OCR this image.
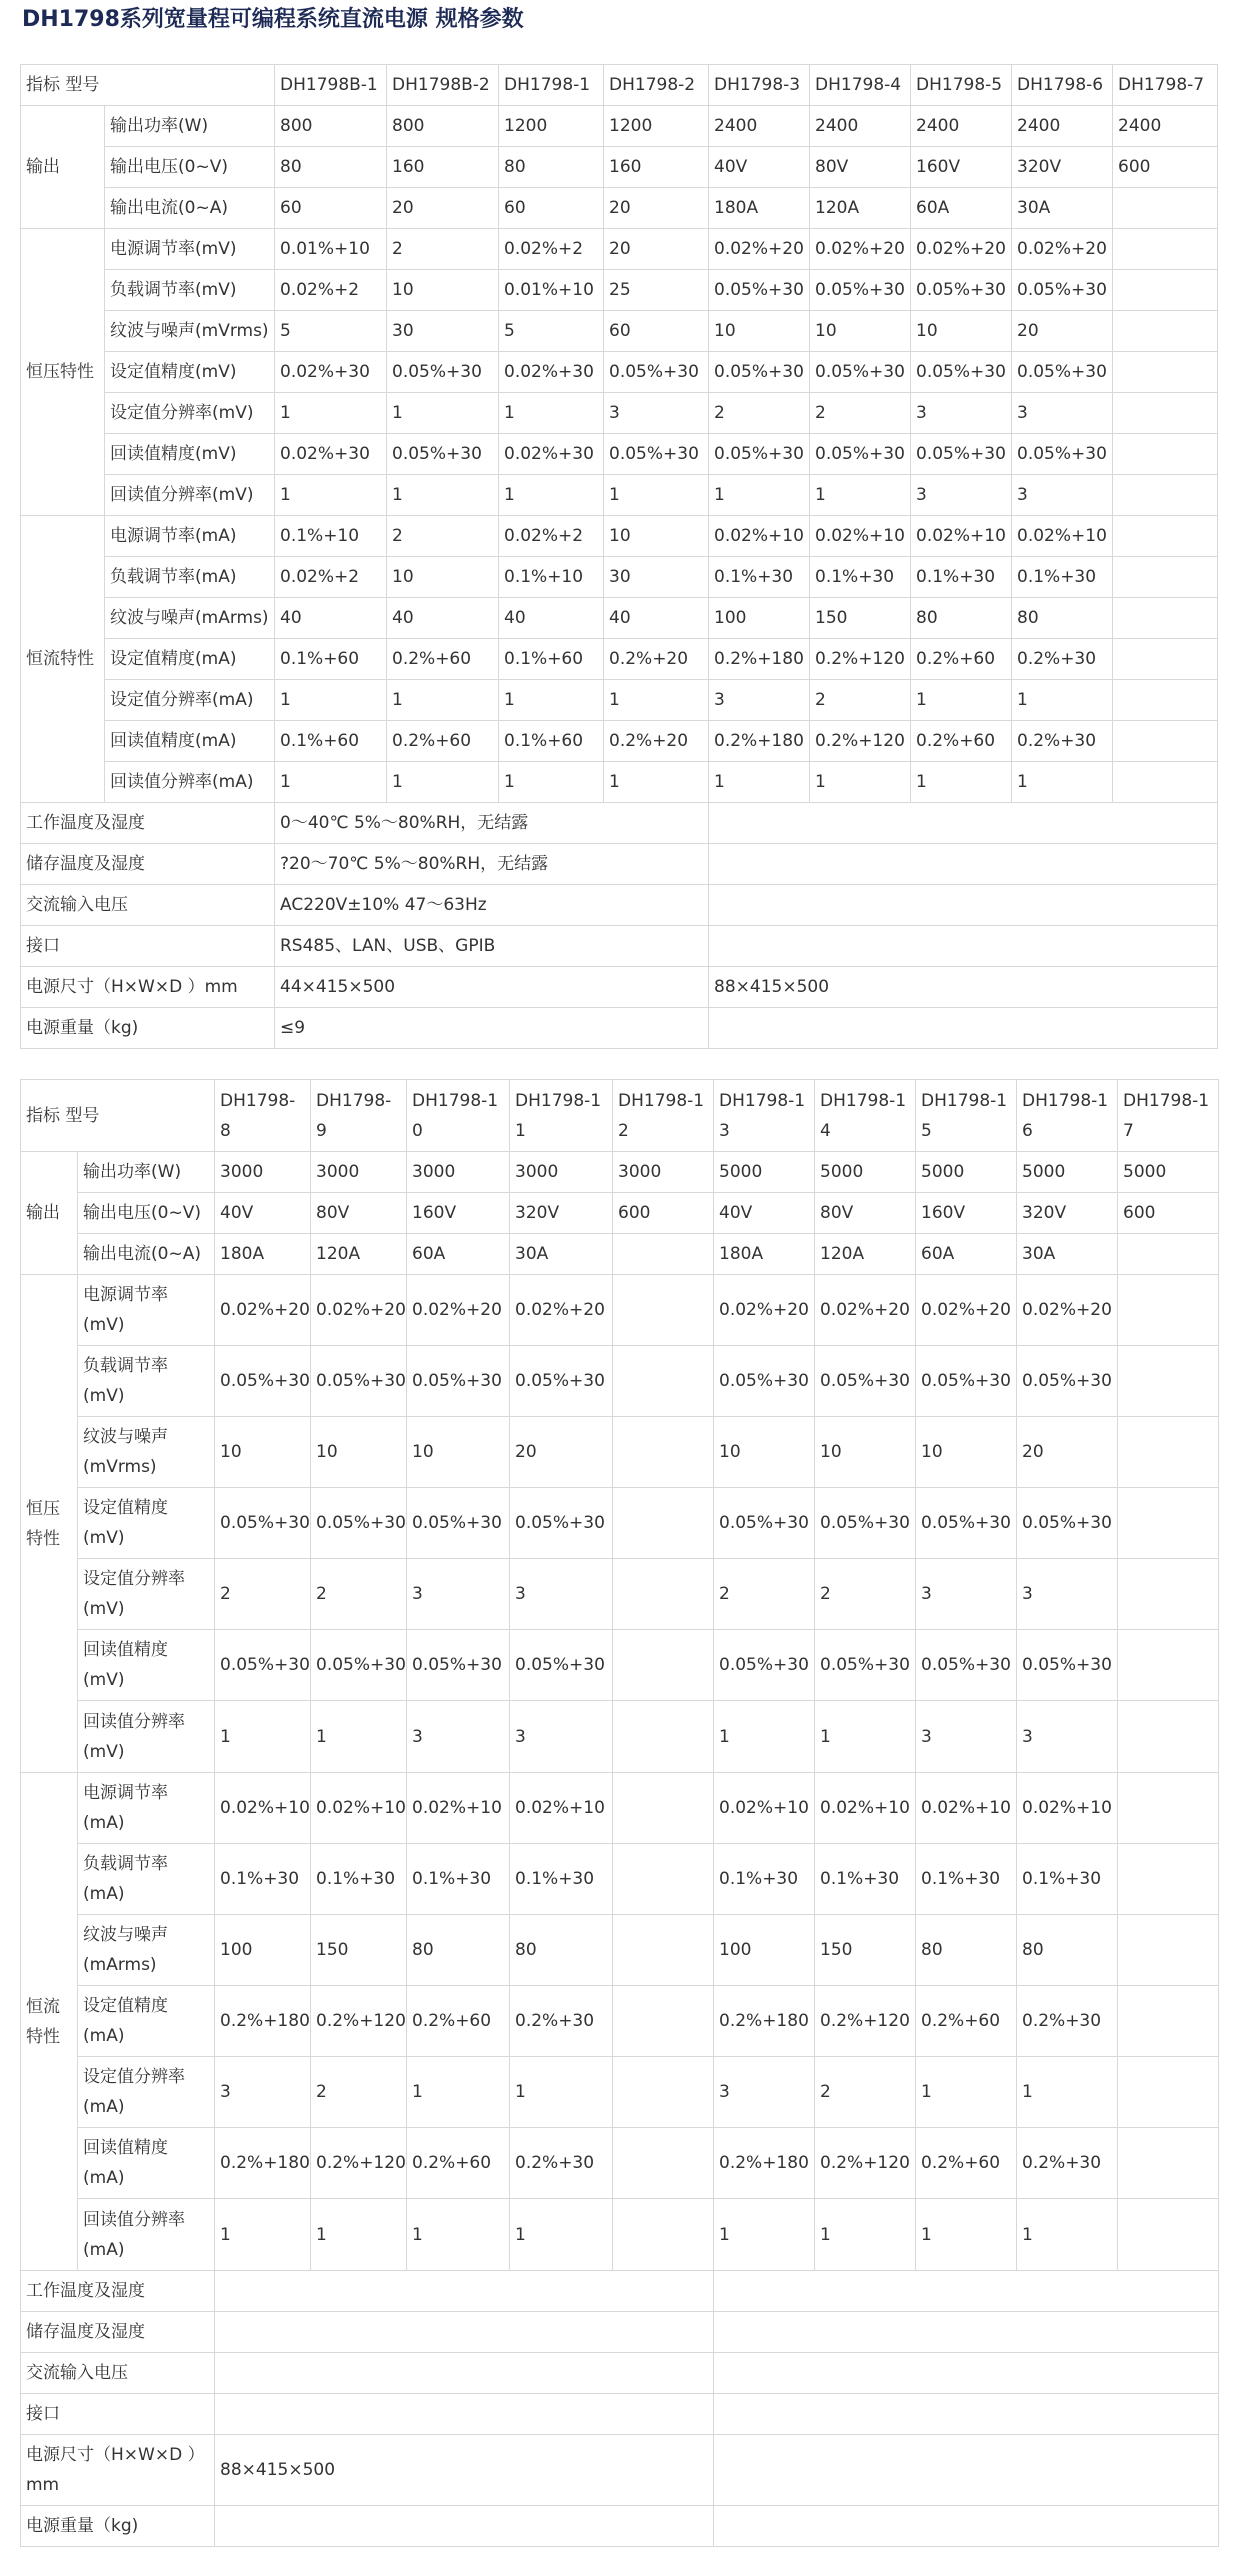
DH1798系列宽量程可编程系统直流电源 规格参数
指标 型号		DH1798B-1	DH1798B-2	DH1798-1	DH1798-2	DH1798-3	DH1798-4	DH1798-5	DH1798-6	DH1798-7
输出	输出功率(W)	800	800	1200	1200	2400	2400	2400	2400	2400
	输出电压(0~V)	80	160	80	160	40V	80V	160V	320V	600
	输出电流(0~A)	60	20	60	20	180A	120A	60A	30A	
恒压特性	电源调节率(mV)	0.01%+10	2	0.02%+2	20	0.02%+20	0.02%+20	0.02%+20	0.02%+20	
	负载调节率(mV)	0.02%+2	10	0.01%+10	25	0.05%+30	0.05%+30	0.05%+30	0.05%+30	
	纹波与噪声(mVrms)	5	30	5	60	10	10	10	20	
	设定值精度(mV)	0.02%+30	0.05%+30	0.02%+30	0.05%+30	0.05%+30	0.05%+30	0.05%+30	0.05%+30	
	设定值分辨率(mV)	1	1	1	3	2	2	3	3	
	回读值精度(mV)	0.02%+30	0.05%+30	0.02%+30	0.05%+30	0.05%+30	0.05%+30	0.05%+30	0.05%+30	
	回读值分辨率(mV)	1	1	1	1	1	1	3	3	
恒流特性	电源调节率(mA)	0.1%+10	2	0.02%+2	10	0.02%+10	0.02%+10	0.02%+10	0.02%+10	
	负载调节率(mA)	0.02%+2	10	0.1%+10	30	0.1%+30	0.1%+30	0.1%+30	0.1%+30	
	纹波与噪声(mArms)	40	40	40	40	100	150	80	80	
	设定值精度(mA)	0.1%+60	0.2%+60	0.1%+60	0.2%+20	0.2%+180	0.2%+120	0.2%+60	0.2%+30	
	设定值分辨率(mA)	1	1	1	1	3	2	1	1	
	回读值精度(mA)	0.1%+60	0.2%+60	0.1%+60	0.2%+20	0.2%+180	0.2%+120	0.2%+60	0.2%+30	
	回读值分辨率(mA)	1	1	1	1	1	1	1	1	
工作温度及湿度		0～40℃ 5%～80%RH，无结露								
储存温度及湿度		?20～70℃ 5%～80%RH，无结露								
交流输入电压		AC220V±10% 47～63Hz								
接口		RS485、LAN、USB、GPIB								
电源尺寸（H×W×D ）mm		44×415×500				88×415×500				
电源重量（kg)		≤9								
指标 型号		DH1798-8	DH1798-9	DH1798-10	DH1798-11	DH1798-12	DH1798-13	DH1798-14	DH1798-15	DH1798-16	DH1798-17
输出	输出功率(W)	3000	3000	3000	3000	3000	5000	5000	5000	5000	5000
	输出电压(0~V)	40V	80V	160V	320V	600	40V	80V	160V	320V	600
	输出电流(0~A)	180A	120A	60A	30A		180A	120A	60A	30A	
恒压特性	电源调节率(mV)	0.02%+20	0.02%+20	0.02%+20	0.02%+20		0.02%+20	0.02%+20	0.02%+20	0.02%+20	
	负载调节率(mV)	0.05%+30	0.05%+30	0.05%+30	0.05%+30		0.05%+30	0.05%+30	0.05%+30	0.05%+30	
	纹波与噪声(mVrms)	10	10	10	20		10	10	10	20	
	设定值精度(mV)	0.05%+30	0.05%+30	0.05%+30	0.05%+30		0.05%+30	0.05%+30	0.05%+30	0.05%+30	
	设定值分辨率(mV)	2	2	3	3		2	2	3	3	
	回读值精度(mV)	0.05%+30	0.05%+30	0.05%+30	0.05%+30		0.05%+30	0.05%+30	0.05%+30	0.05%+30	
	回读值分辨率(mV)	1	1	3	3		1	1	3	3	
恒流特性	电源调节率(mA)	0.02%+10	0.02%+10	0.02%+10	0.02%+10		0.02%+10	0.02%+10	0.02%+10	0.02%+10	
	负载调节率(mA)	0.1%+30	0.1%+30	0.1%+30	0.1%+30		0.1%+30	0.1%+30	0.1%+30	0.1%+30	
	纹波与噪声(mArms)	100	150	80	80		100	150	80	80	
	设定值精度(mA)	0.2%+180	0.2%+120	0.2%+60	0.2%+30		0.2%+180	0.2%+120	0.2%+60	0.2%+30	
	设定值分辨率(mA)	3	2	1	1		3	2	1	1	
	回读值精度(mA)	0.2%+180	0.2%+120	0.2%+60	0.2%+30		0.2%+180	0.2%+120	0.2%+60	0.2%+30	
	回读值分辨率(mA)	1	1	1	1		1	1	1	1	
工作温度及湿度											
储存温度及湿度											
交流输入电压											
接口											
电源尺寸（H×W×D ）mm		88×415×500									
电源重量（kg)											
